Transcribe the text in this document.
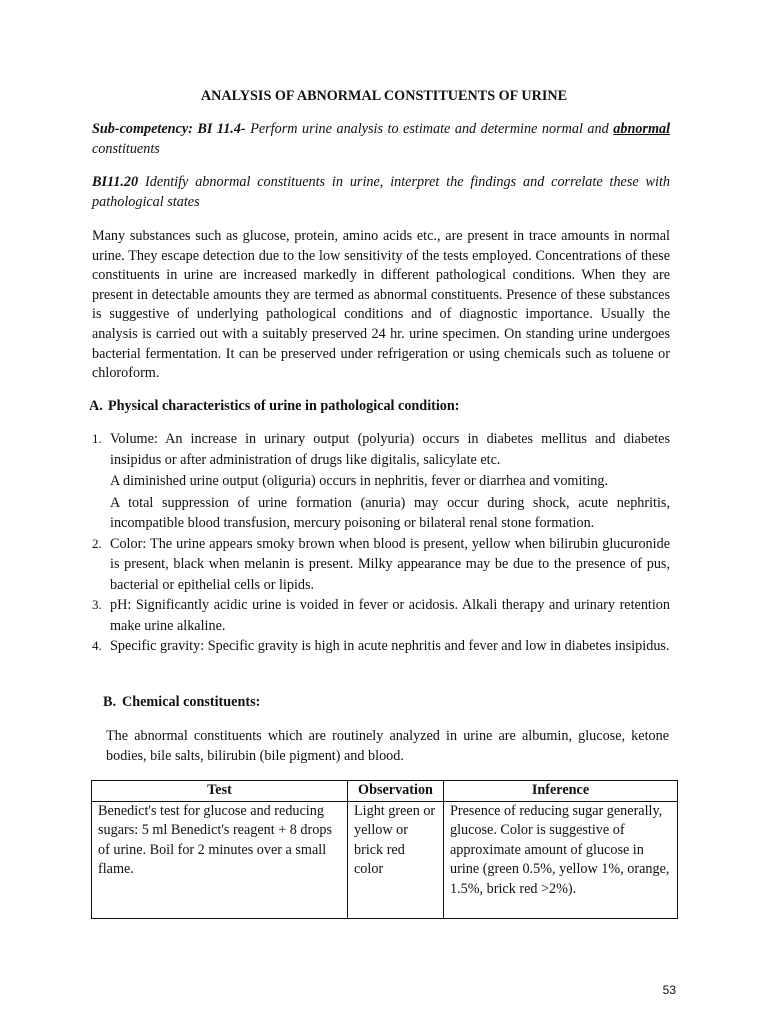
ANALYSIS OF ABNORMAL CONSTITUENTS OF URINE

Sub-competency: BI 11.4- Perform urine analysis to estimate and determine normal and abnormal constituents

BI11.20 Identify abnormal constituents in urine, interpret the findings and correlate these with pathological states

Many substances such as glucose, protein, amino acids etc., are present in trace amounts in normal urine. They escape detection due to the low sensitivity of the tests employed. Concentrations of these constituents in urine are increased markedly in different pathological conditions. When they are present in detectable amounts they are termed as abnormal constituents. Presence of these substances is suggestive of underlying pathological conditions and of diagnostic importance. Usually the analysis is carried out with a suitably preserved 24 hr. urine specimen. On standing urine undergoes bacterial fermentation. It can be preserved under refrigeration or using chemicals such as toluene or chloroform.

A. Physical characteristics of urine in pathological condition:

1. Volume: An increase in urinary output (polyuria) occurs in diabetes mellitus and diabetes insipidus or after administration of drugs like digitalis, salicylate etc.

A diminished urine output (oliguria) occurs in nephritis, fever or diarrhea and vomiting.

A total suppression of urine formation (anuria) may occur during shock, acute nephritis, incompatible blood transfusion, mercury poisoning or bilateral renal stone formation.

2. Color: The urine appears smoky brown when blood is present, yellow when bilirubin glucuronide is present, black when melanin is present. Milky appearance may be due to the presence of pus, bacterial or epithelial cells or lipids.

3. pH: Significantly acidic urine is voided in fever or acidosis. Alkali therapy and urinary retention make urine alkaline.

4. Specific gravity: Specific gravity is high in acute nephritis and fever and low in diabetes insipidus.

B. Chemical constituents:

The abnormal constituents which are routinely analyzed in urine are albumin, glucose, ketone bodies, bile salts, bilirubin (bile pigment) and blood.

Test	Observation	Inference
Benedict's test for glucose and reducing sugars: 5 ml Benedict's reagent + 8 drops of urine. Boil for 2 minutes over a small flame.	Light green or yellow or brick red color	Presence of reducing sugar generally, glucose. Color is suggestive of approximate amount of glucose in urine (green 0.5%, yellow 1%, orange, 1.5%, brick red >2%).
53
